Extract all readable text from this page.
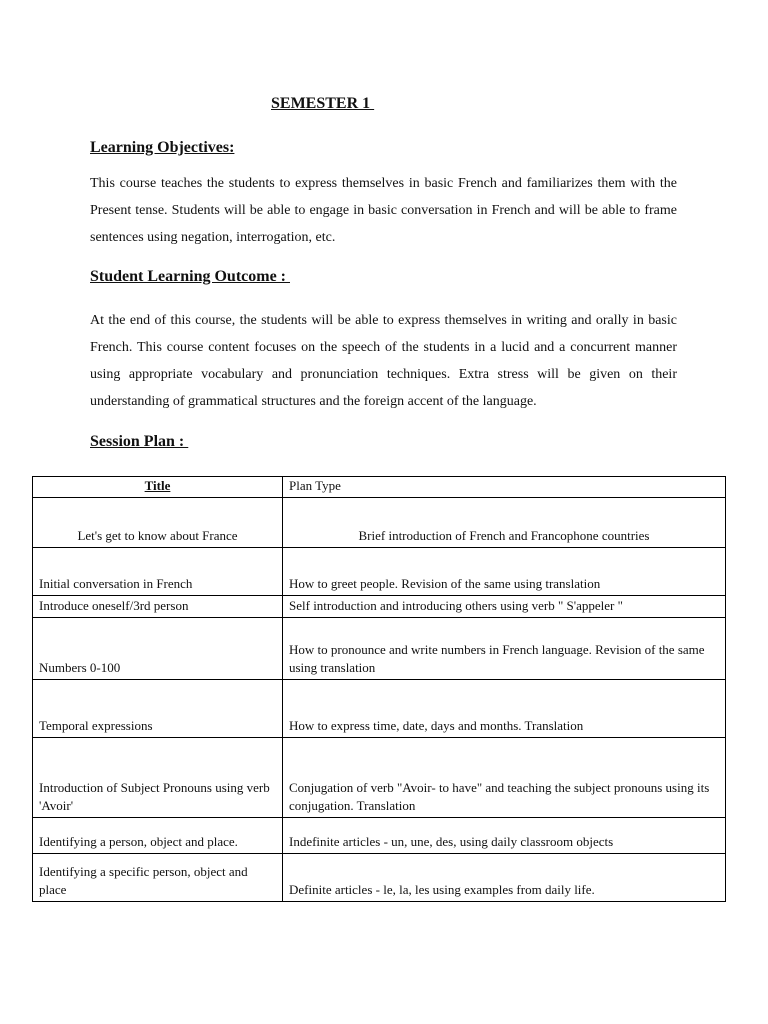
SEMESTER 1
Learning Objectives:
This course teaches the students to express themselves in basic French and familiarizes them with the Present tense. Students will be able to engage in basic conversation in French and will be able to frame sentences using negation, interrogation, etc.
Student Learning Outcome :
At the end of this course, the students will be able to express themselves in writing and orally in basic French. This course content focuses on the speech of the students in a lucid and a concurrent manner using appropriate vocabulary and pronunciation techniques. Extra stress will be given on their understanding of grammatical structures and the foreign accent of the language.
Session Plan :
Title	Plan Type
Let's get to know about France	Brief introduction of French and Francophone countries
Initial conversation in French	How to greet people. Revision of the same using translation
Introduce oneself/3rd person	Self introduction and introducing others using verb " S'appeler "
Numbers 0-100	How to pronounce and write numbers in French language. Revision of the same using translation
Temporal expressions	How to express time, date, days and months. Translation
Introduction of Subject Pronouns using verb 'Avoir'	Conjugation of verb "Avoir- to have" and teaching the subject pronouns using its conjugation. Translation
Identifying a person, object and place.	Indefinite articles - un, une, des, using daily classroom objects
Identifying a specific person, object and place	Definite articles - le, la, les using examples from daily life.
